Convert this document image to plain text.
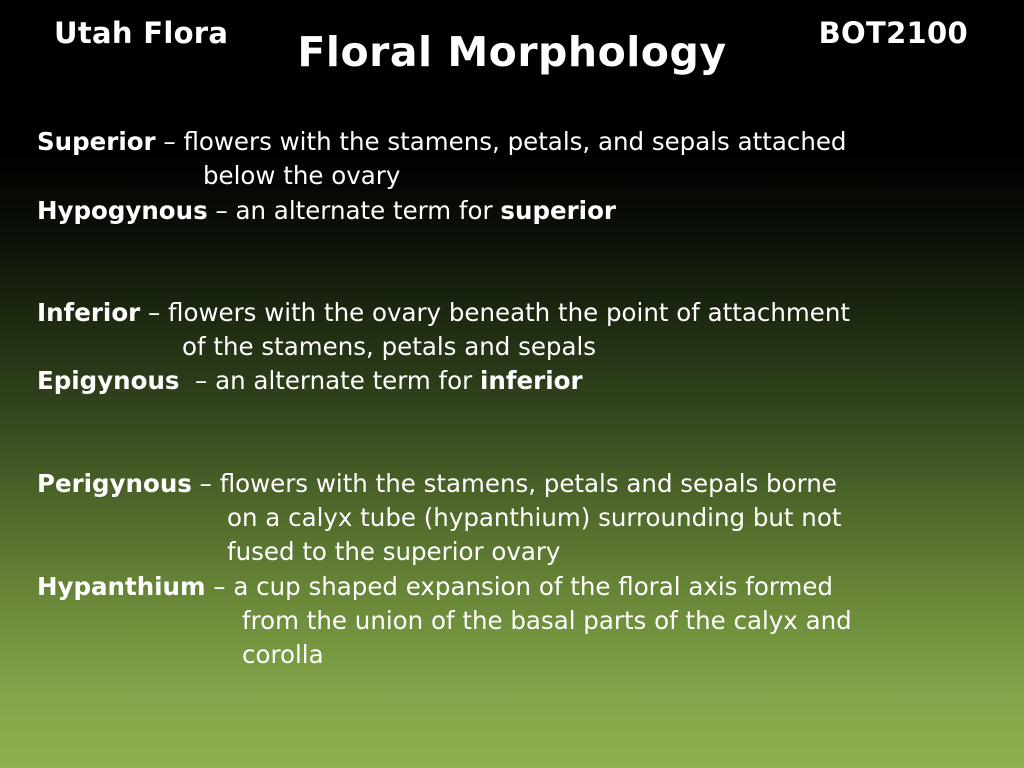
Utah Flora	Floral Morphology	BOT2100
Superior – flowers with the stamens, petals, and sepals attached
below the ovary
Hypogynous – an alternate term for superior
Inferior – flowers with the ovary beneath the point of attachment
of the stamens, petals and sepals
Epigynous  – an alternate term for inferior
Perigynous – flowers with the stamens, petals and sepals borne
on a calyx tube (hypanthium) surrounding but not
fused to the superior ovary
Hypanthium – a cup shaped expansion of the floral axis formed
from the union of the basal parts of the calyx and
corolla
